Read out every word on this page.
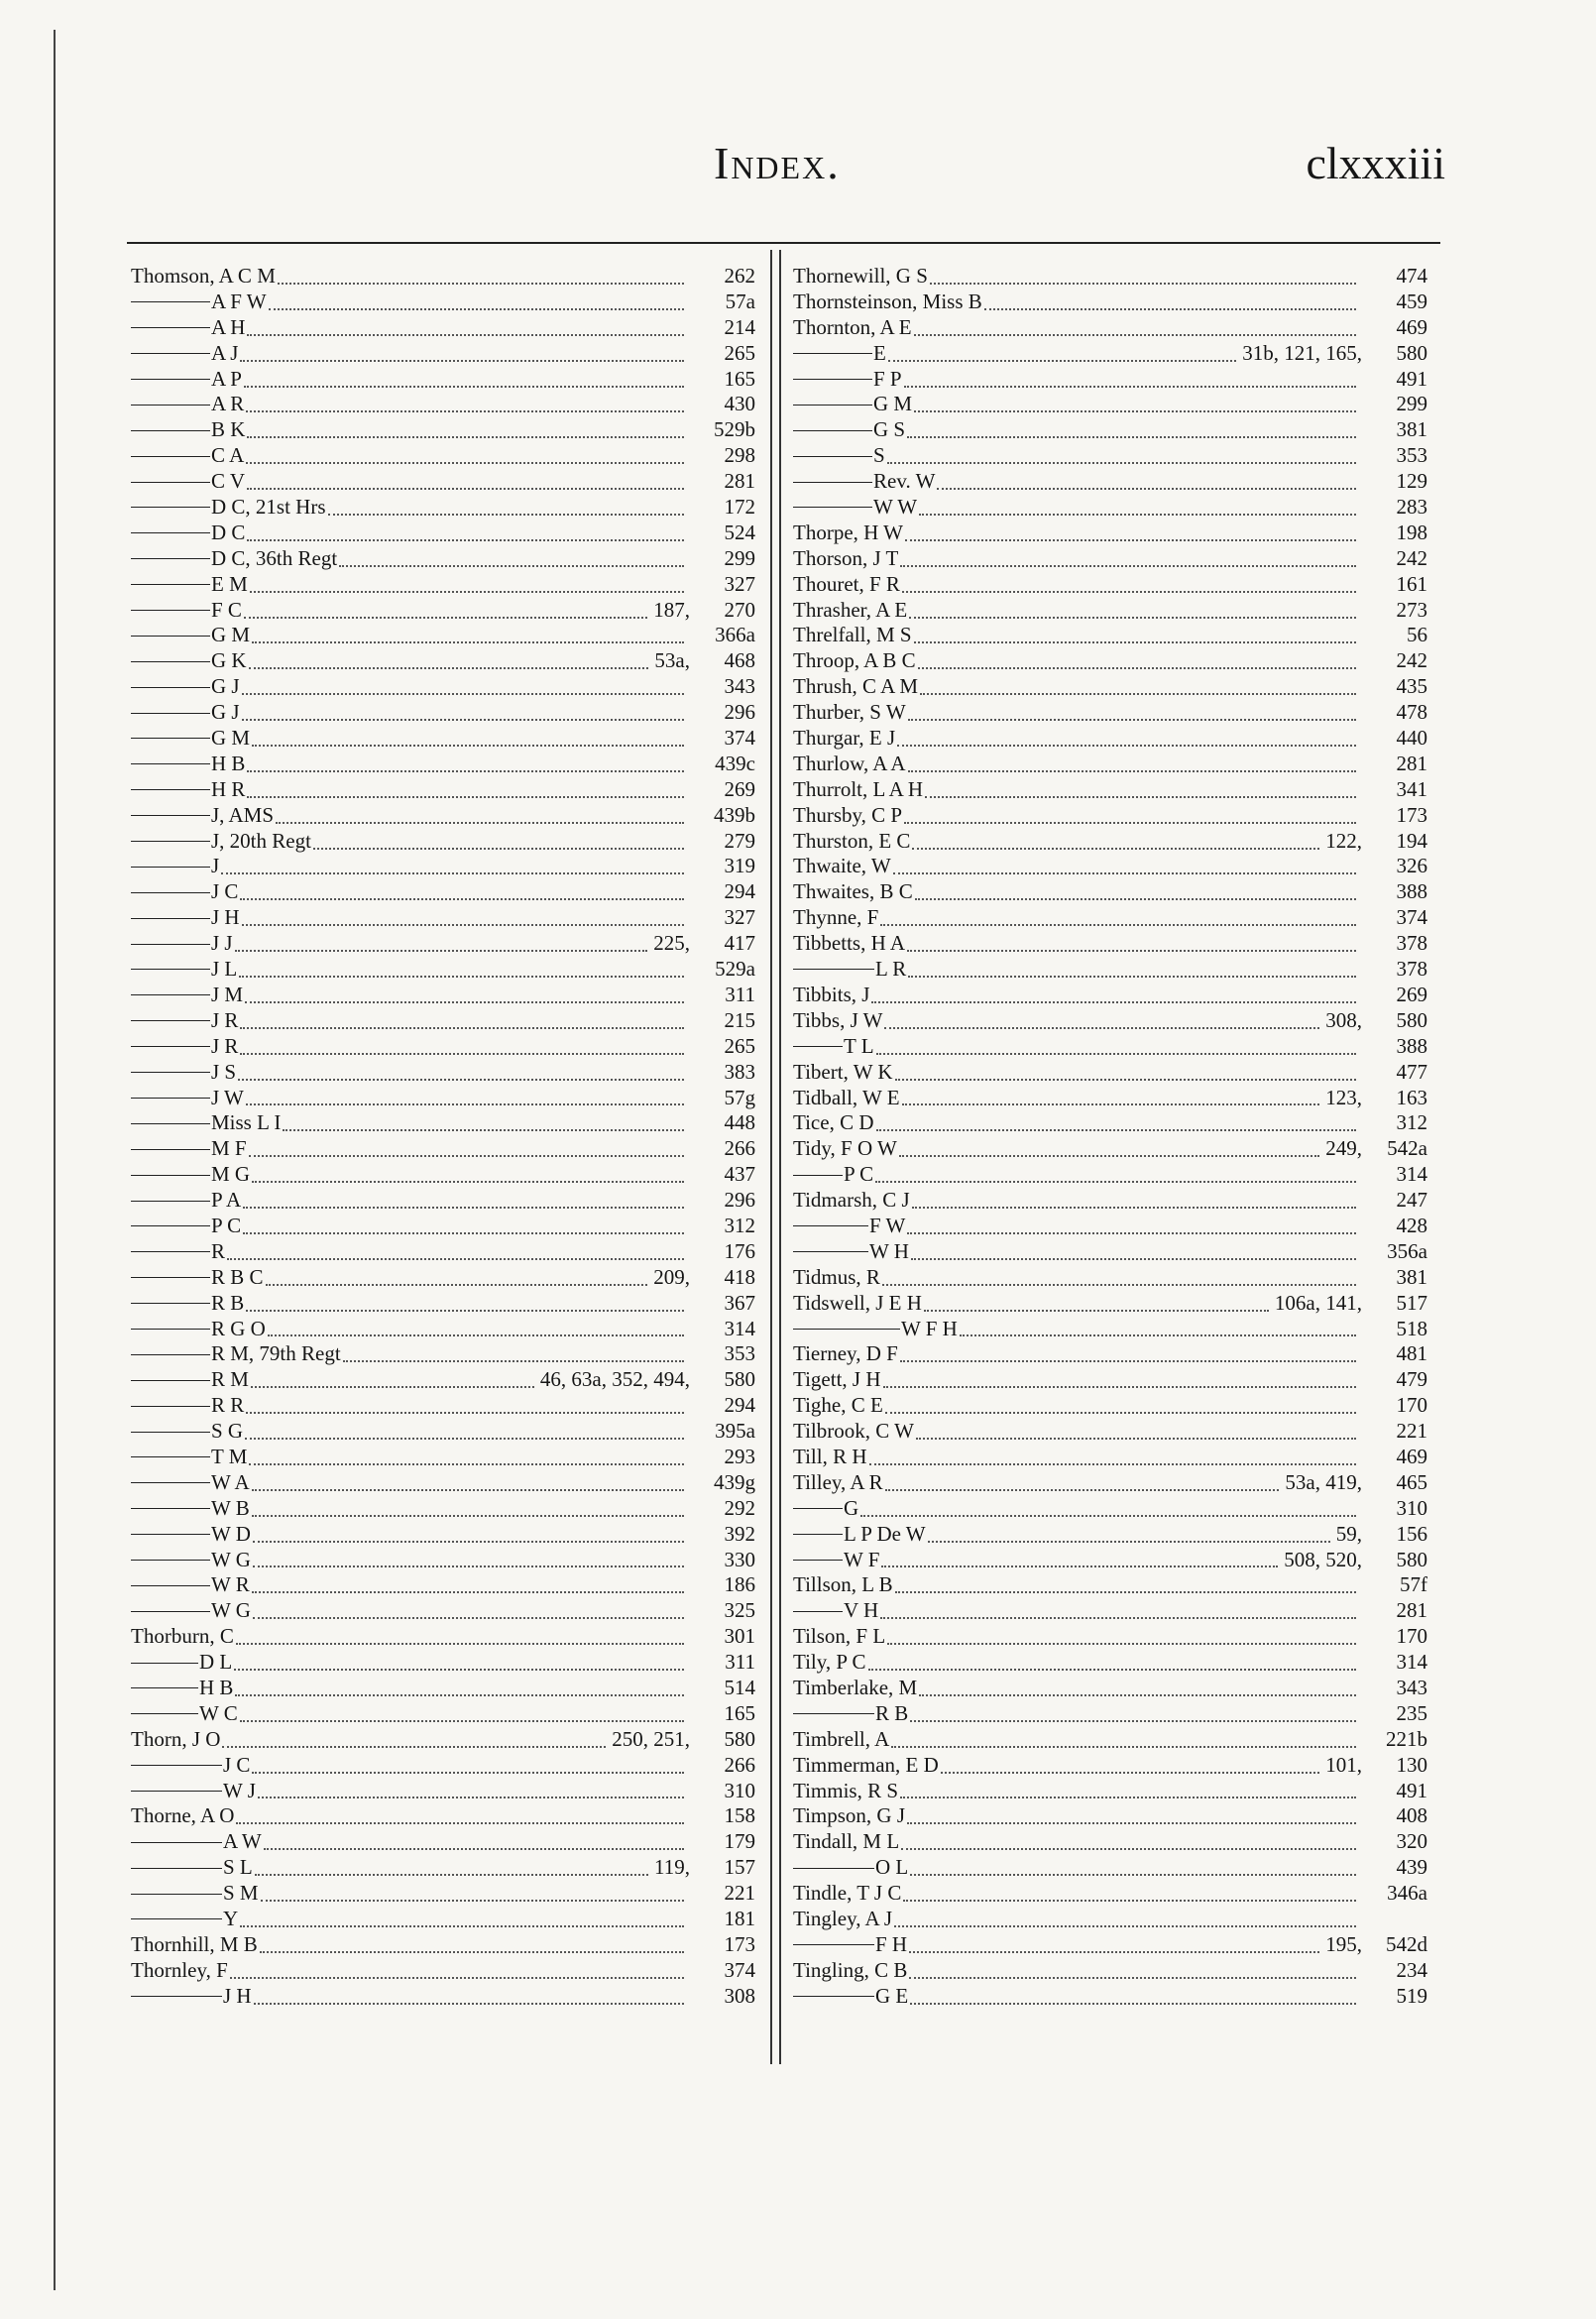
Index.	clxxxiii
Thomson, A C M	262
A F W	57a
A H	214
A J	265
A P	165
A R	430
B K	529b
C A	298
C V	281
D C, 21st Hrs	172
D C	524
D C, 36th Regt	299
E M	327
F C	187,	270
G M	366a
G K	53a,	468
G J	343
G J	296
G M	374
H B	439c
H R	269
J, AMS	439b
J, 20th Regt	279
J	319
J C	294
J H	327
J J	225,	417
J L	529a
J M	311
J R	215
J R	265
J S	383
J W	57g
Miss L I	448
M F	266
M G	437
P A	296
P C	312
R	176
R B C	209,	418
R B	367
R G O	314
R M, 79th Regt	353
R M	46, 63a, 352, 494,	580
R R	294
S G	395a
T M	293
W A	439g
W B	292
W D	392
W G	330
W R	186
W G	325
Thorburn, C	301
D L	311
H B	514
W C	165
Thorn, J O	250, 251,	580
J C	266
W J	310
Thorne, A O	158
A W	179
S L	119,	157
S M	221
Y	181
Thornhill, M B	173
Thornley, F	374
J H	308
Thornewill, G S	474
Thornsteinson, Miss B	459
Thornton, A E	469
E	31b, 121, 165,	580
F P	491
G M	299
G S	381
S	353
Rev. W	129
W W	283
Thorpe, H W	198
Thorson, J T	242
Thouret, F R	161
Thrasher, A E	273
Threlfall, M S	56
Throop, A B C	242
Thrush, C A M	435
Thurber, S W	478
Thurgar, E J	440
Thurlow, A A	281
Thurrolt, L A H	341
Thursby, C P	173
Thurston, E C	122,	194
Thwaite, W	326
Thwaites, B C	388
Thynne, F	374
Tibbetts, H A	378
L R	378
Tibbits, J	269
Tibbs, J W	308,	580
T L	388
Tibert, W K	477
Tidball, W E	123,	163
Tice, C D	312
Tidy, F O W	249,	542a
P C	314
Tidmarsh, C J	247
F W	428
W H	356a
Tidmus, R	381
Tidswell, J E H	106a, 141,	517
W F H	518
Tierney, D F	481
Tigett, J H	479
Tighe, C E	170
Tilbrook, C W	221
Till, R H	469
Tilley, A R	53a, 419,	465
G	310
L P De W	59,	156
W F	508, 520,	580
Tillson, L B	57f
V H	281
Tilson, F L	170
Tily, P C	314
Timberlake, M	343
R B	235
Timbrell, A	221b
Timmerman, E D	101,	130
Timmis, R S	491
Timpson, G J	408
Tindall, M L	320
O L	439
Tindle, T J C	346a
Tingley, A J
F H	195,	542d
Tingling, C B	234
G E	519
